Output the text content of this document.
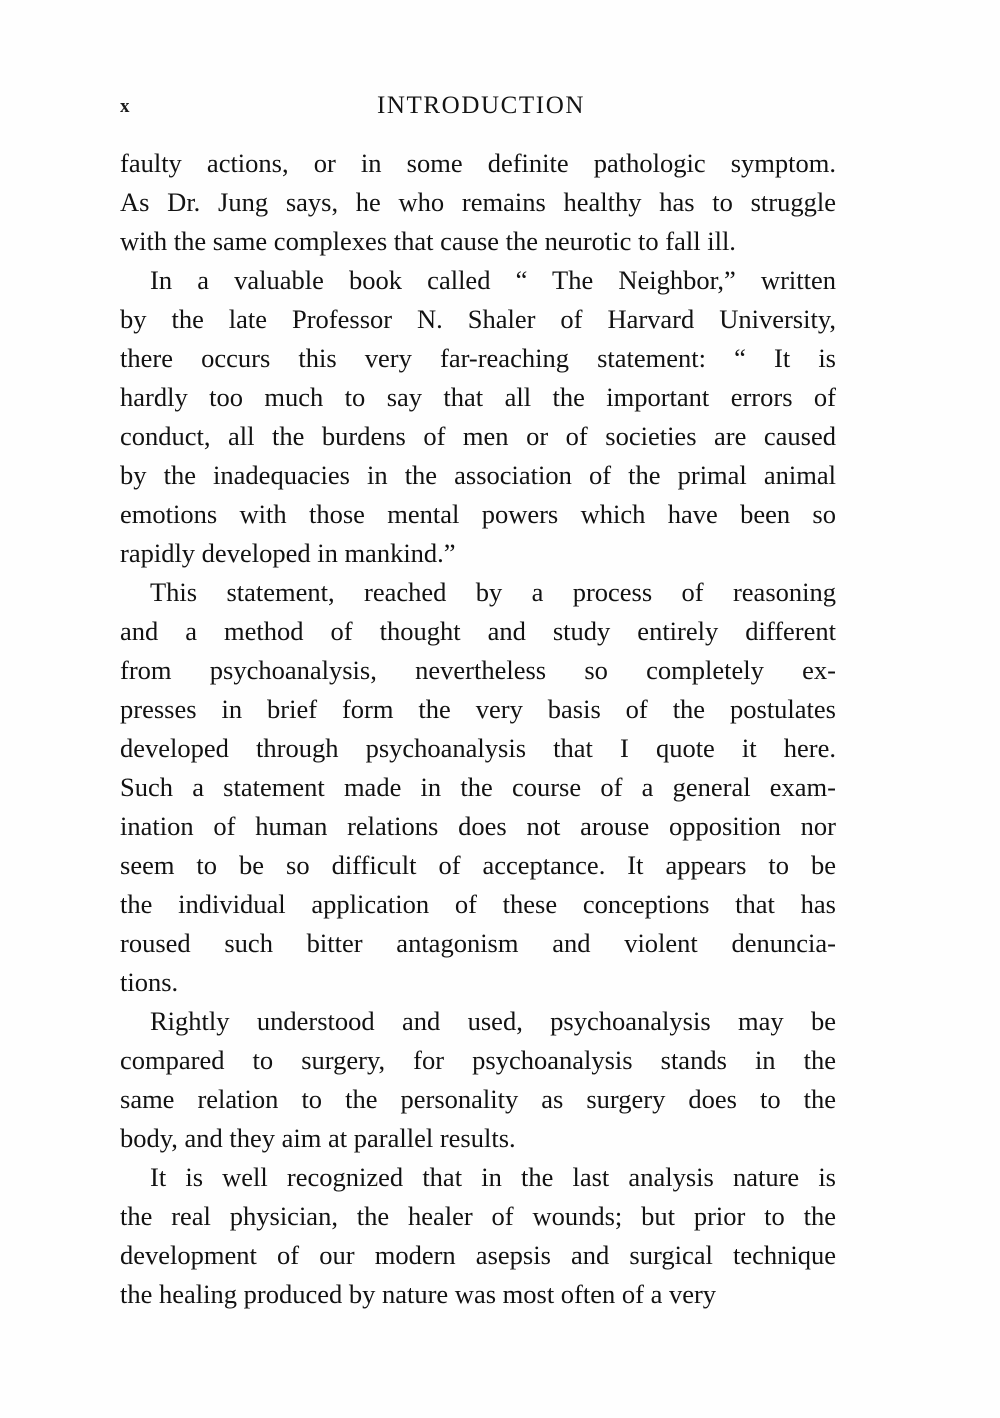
x	INTRODUCTION

faulty actions, or in some definite pathologic symptom.
As Dr. Jung says, he who remains healthy has to struggle
with the same complexes that cause the neurotic to fall ill.

In a valuable book called “ The Neighbor,” written
by the late Professor N. Shaler of Harvard University,
there occurs this very far-reaching statement: “ It is
hardly too much to say that all the important errors of
conduct, all the burdens of men or of societies are caused
by the inadequacies in the association of the primal animal
emotions with those mental powers which have been so
rapidly developed in mankind.”

This statement, reached by a process of reasoning
and a method of thought and study entirely different
from psychoanalysis, nevertheless so completely ex-
presses in brief form the very basis of the postulates
developed through psychoanalysis that I quote it here.
Such a statement made in the course of a general exam-
ination of human relations does not arouse opposition nor
seem to be so difficult of acceptance. It appears to be
the individual application of these conceptions that has
roused such bitter antagonism and violent denuncia-
tions.

Rightly understood and used, psychoanalysis may be
compared to surgery, for psychoanalysis stands in the
same relation to the personality as surgery does to the
body, and they aim at parallel results.

It is well recognized that in the last analysis nature is
the real physician, the healer of wounds; but prior to the
development of our modern asepsis and surgical technique
the healing produced by nature was most often of a very
